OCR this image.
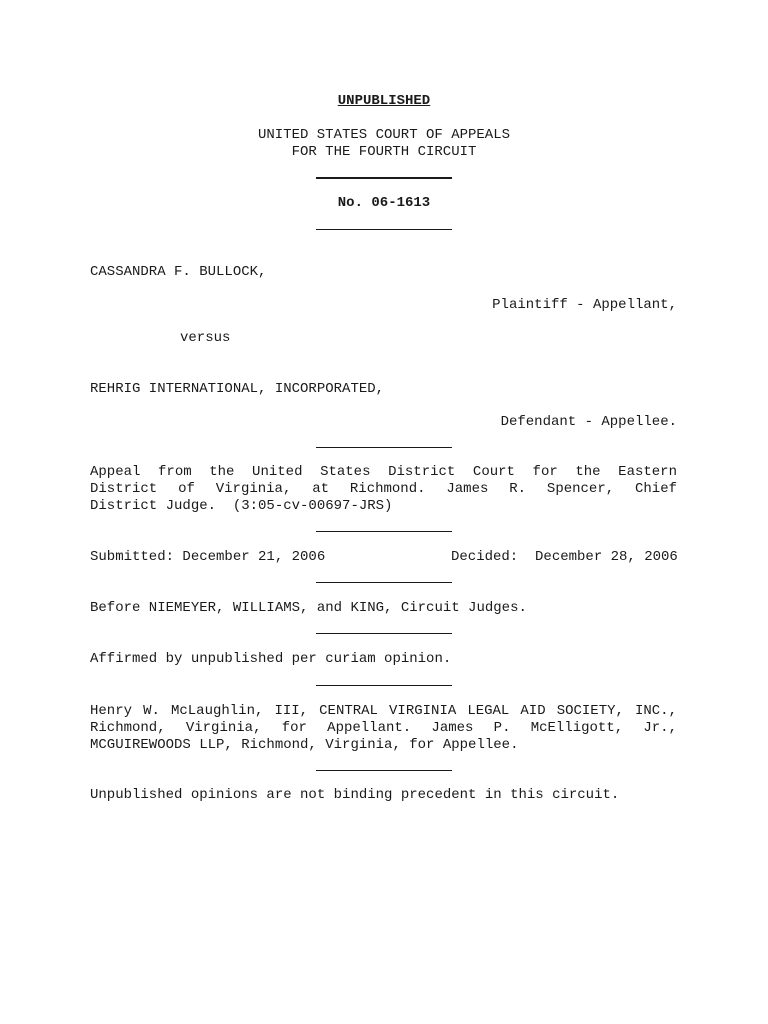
UNPUBLISHED
UNITED STATES COURT OF APPEALS
FOR THE FOURTH CIRCUIT
No. 06-1613
CASSANDRA F. BULLOCK,
Plaintiff - Appellant,
versus
REHRIG INTERNATIONAL, INCORPORATED,
Defendant - Appellee.
Appeal from the United States District Court for the Eastern
District of Virginia, at Richmond. James R. Spencer, Chief
District Judge.  (3:05-cv-00697-JRS)
Submitted: December 21, 2006	Decided:  December 28, 2006
Before NIEMEYER, WILLIAMS, and KING, Circuit Judges.
Affirmed by unpublished per curiam opinion.
Henry W. McLaughlin, III, CENTRAL VIRGINIA LEGAL AID SOCIETY, INC.,
Richmond, Virginia, for Appellant. James P. McElligott, Jr.,
MCGUIREWOODS LLP, Richmond, Virginia, for Appellee.
Unpublished opinions are not binding precedent in this circuit.
